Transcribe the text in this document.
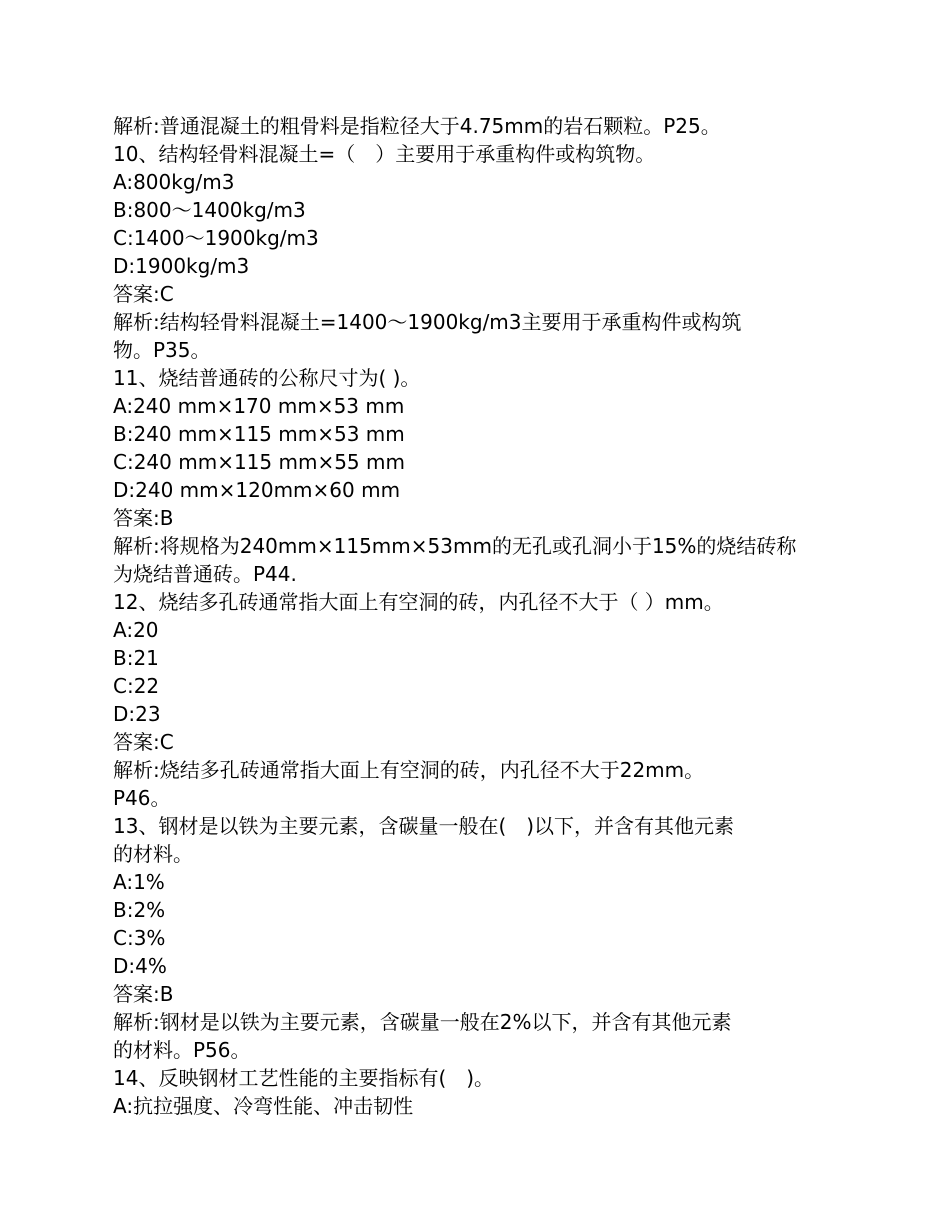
解析:普通混凝土的粗骨料是指粒径大于4.75mm的岩石颗粒。P25。
10、结构轻骨料混凝土=（　）主要用于承重构件或构筑物。
A:800kg/m3
B:800～1400kg/m3
C:1400～1900kg/m3
D:1900kg/m3
答案:C
解析:结构轻骨料混凝土=1400～1900kg/m3主要用于承重构件或构筑
物。P35。
11、烧结普通砖的公称尺寸为( )。
A:240 mm×170 mm×53 mm
B:240 mm×115 mm×53 mm
C:240 mm×115 mm×55 mm
D:240 mm×120mm×60 mm
答案:B
解析:将规格为240mm×115mm×53mm的无孔或孔洞小于15%的烧结砖称
为烧结普通砖。P44.
12、烧结多孔砖通常指大面上有空洞的砖，内孔径不大于（ ）mm。
A:20
B:21
C:22
D:23
答案:C
解析:烧结多孔砖通常指大面上有空洞的砖，内孔径不大于22mm。
P46。
13、钢材是以铁为主要元素，含碳量一般在(　)以下，并含有其他元素
的材料。
A:1%
B:2%
C:3%
D:4%
答案:B
解析:钢材是以铁为主要元素，含碳量一般在2%以下，并含有其他元素
的材料。P56。
14、反映钢材工艺性能的主要指标有(　)。
A:抗拉强度、冷弯性能、冲击韧性
